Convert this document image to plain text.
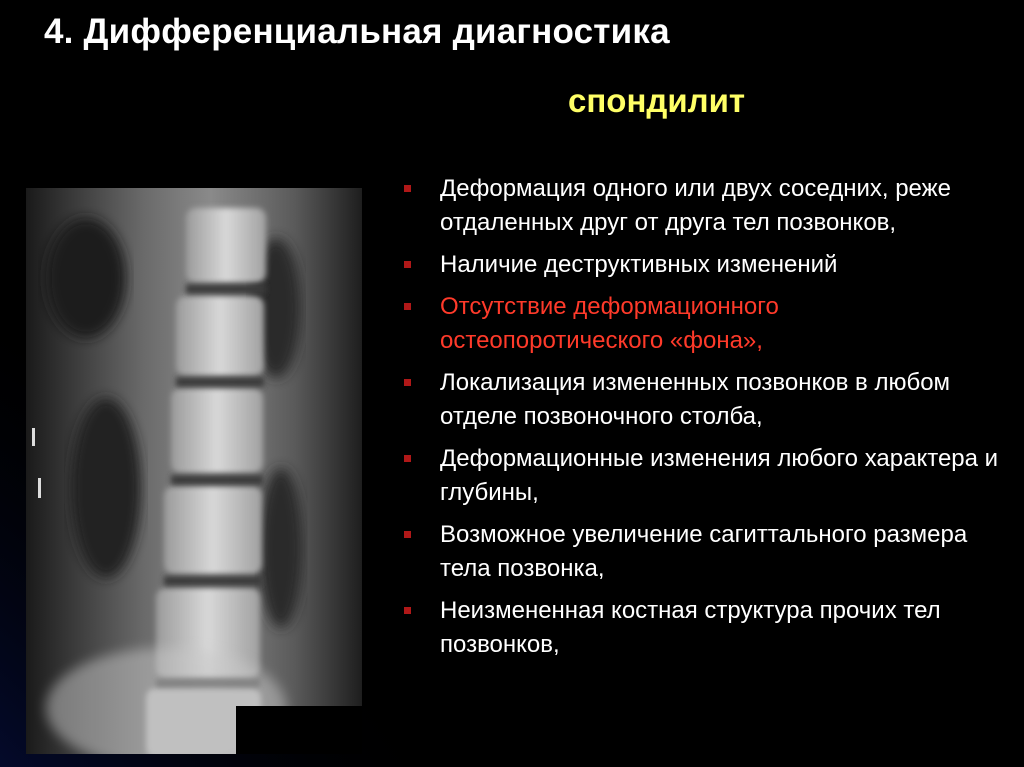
4. Дифференциальная диагностика
спондилит
Деформация одного или двух соседних, реже отдаленных друг от друга тел позвонков,
Наличие деструктивных изменений
Отсутствие деформационного остеопоротического «фона»,
Локализация измененных позвонков в любом отделе позвоночного столба,
Деформационные изменения любого характера и глубины,
Возможное увеличение сагиттального размера тела позвонка,
Неизмененная костная структура прочих тел позвонков,
